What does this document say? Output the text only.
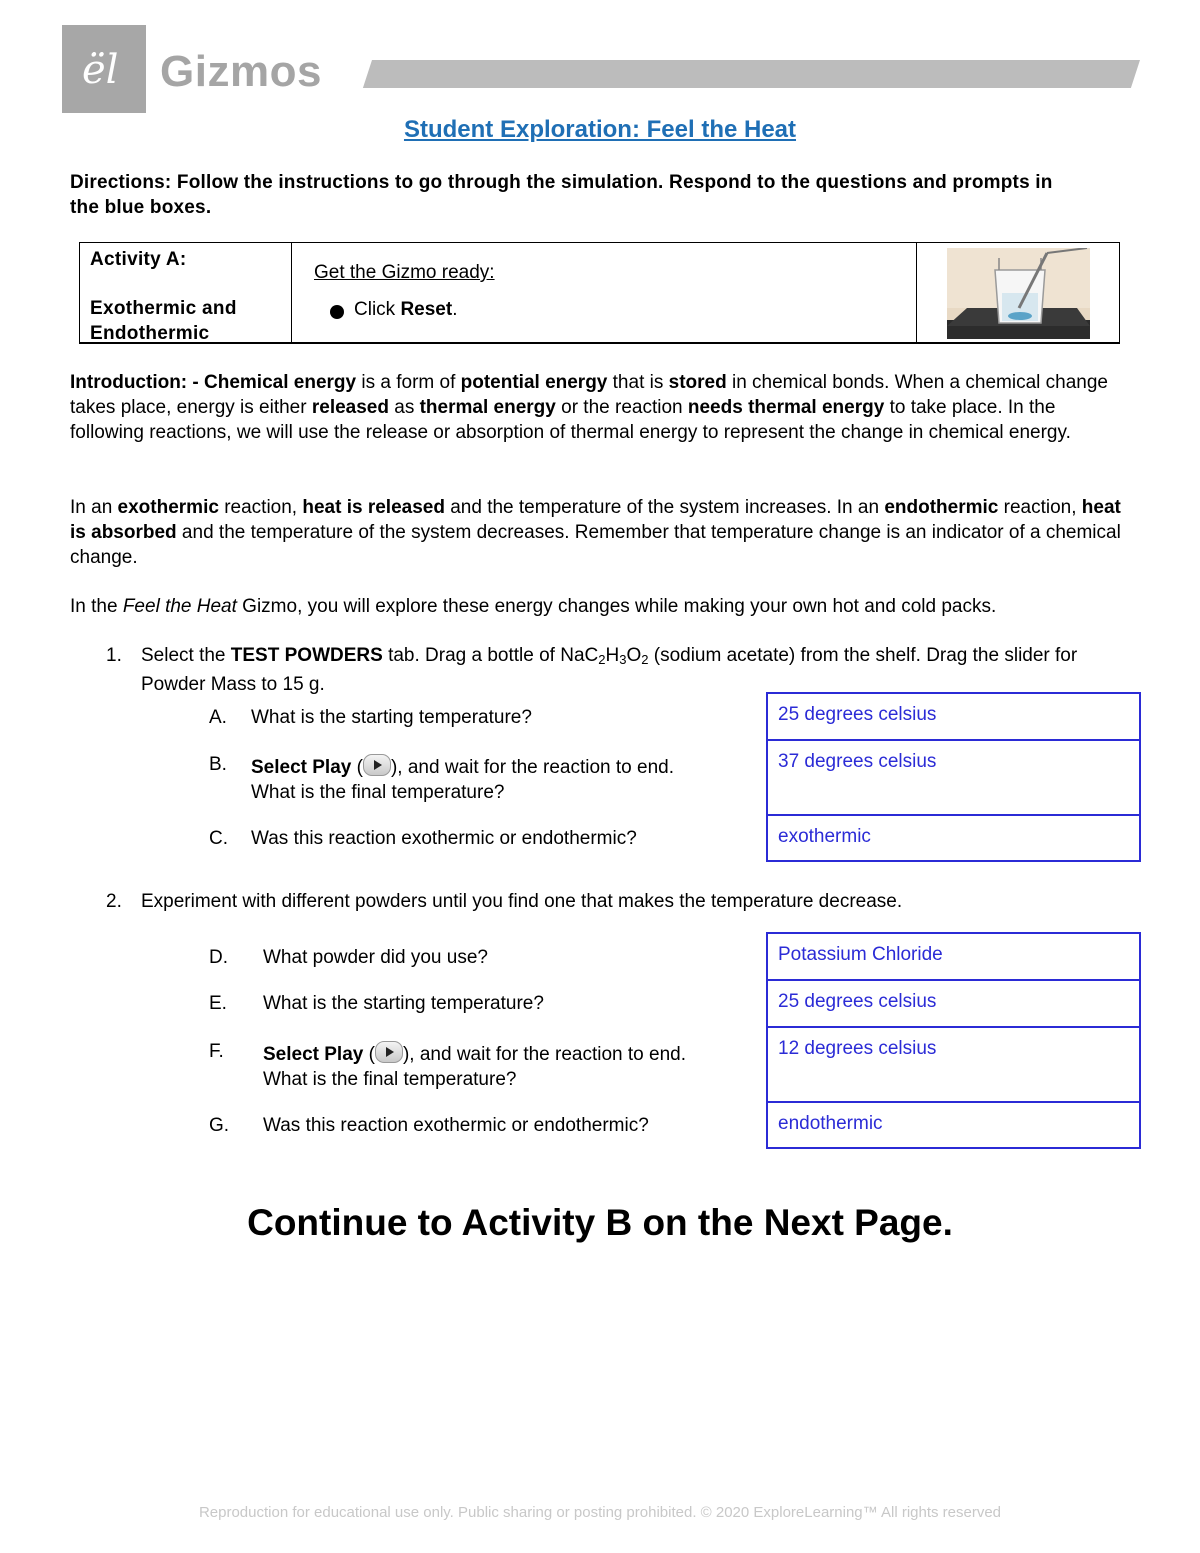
ël Gizmos
Student Exploration: Feel the Heat
Directions: Follow the instructions to go through the simulation. Respond to the questions and prompts in the blue boxes.
Activity A:
Exothermic and Endothermic
Get the Gizmo ready:
Click Reset.
Introduction: - Chemical energy is a form of potential energy that is stored in chemical bonds. When a chemical change takes place, energy is either released as thermal energy or the reaction needs thermal energy to take place. In the following reactions, we will use the release or absorption of thermal energy to represent the change in chemical energy.
In an exothermic reaction, heat is released and the temperature of the system increases. In an endothermic reaction, heat is absorbed and the temperature of the system decreases. Remember that temperature change is an indicator of a chemical change.
In the Feel the Heat Gizmo, you will explore these energy changes while making your own hot and cold packs.
1. Select the TEST POWDERS tab. Drag a bottle of $NaC_2H_3O_2$ (sodium acetate) from the shelf. Drag the slider for Powder Mass to 15 g.
A. What is the starting temperature?
B. Select Play ( ), and wait for the reaction to end.
What is the final temperature?
C. Was this reaction exothermic or endothermic?
25 degrees celsius
37 degrees celsius
exothermic
2. Experiment with different powders until you find one that makes the temperature decrease.
D. What powder did you use?
E. What is the starting temperature?
F. Select Play ( ), and wait for the reaction to end.
What is the final temperature?
G. Was this reaction exothermic or endothermic?
Potassium Chloride
25 degrees celsius
12 degrees celsius
endothermic
Continue to Activity B on the Next Page.
Reproduction for educational use only. Public sharing or posting prohibited. © 2020 ExploreLearning™ All rights reserved
